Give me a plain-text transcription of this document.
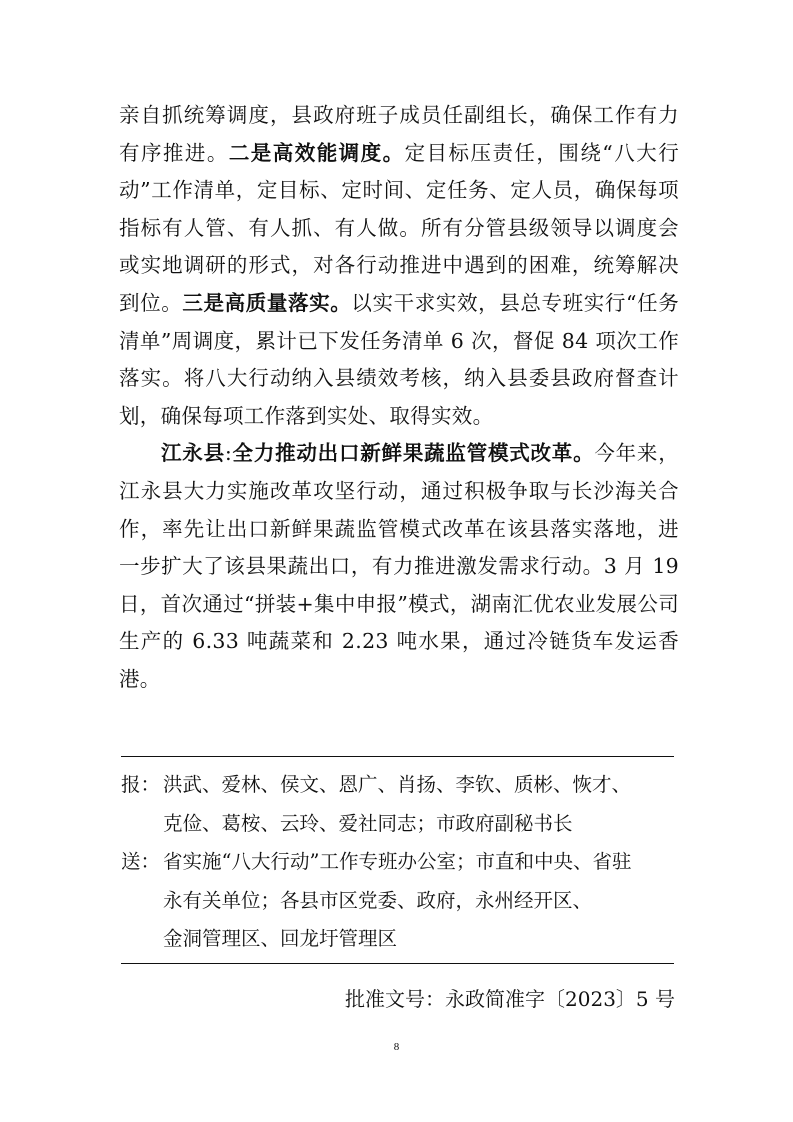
亲自抓统筹调度，县政府班子成员任副组长，确保工作有力有序推进。二是高效能调度。定目标压责任，围绕“八大行动”工作清单，定目标、定时间、定任务、定人员，确保每项指标有人管、有人抓、有人做。所有分管县级领导以调度会或实地调研的形式，对各行动推进中遇到的困难，统筹解决到位。三是高质量落实。以实干求实效，县总专班实行“任务清单”周调度，累计已下发任务清单 6 次，督促 84 项次工作落实。将八大行动纳入县绩效考核，纳入县委县政府督查计划，确保每项工作落到实处、取得实效。

江永县:全力推动出口新鲜果蔬监管模式改革。今年来，江永县大力实施改革攻坚行动，通过积极争取与长沙海关合作，率先让出口新鲜果蔬监管模式改革在该县落实落地，进一步扩大了该县果蔬出口，有力推进激发需求行动。3 月 19 日，首次通过“拼装+集中申报”模式，湖南汇优农业发展公司生产的 6.33 吨蔬菜和 2.23 吨水果，通过冷链货车发运香港。

报： 洪武、爱林、侯文、恩广、肖扬、李钦、质彬、恢才、
克俭、葛桉、云玲、爱社同志；市政府副秘书长
送： 省实施“八大行动”工作专班办公室；市直和中央、省驻
永有关单位；各县市区党委、政府，永州经开区、
金洞管理区、回龙圩管理区
批准文号：永政简准字〔2023〕5 号
8
